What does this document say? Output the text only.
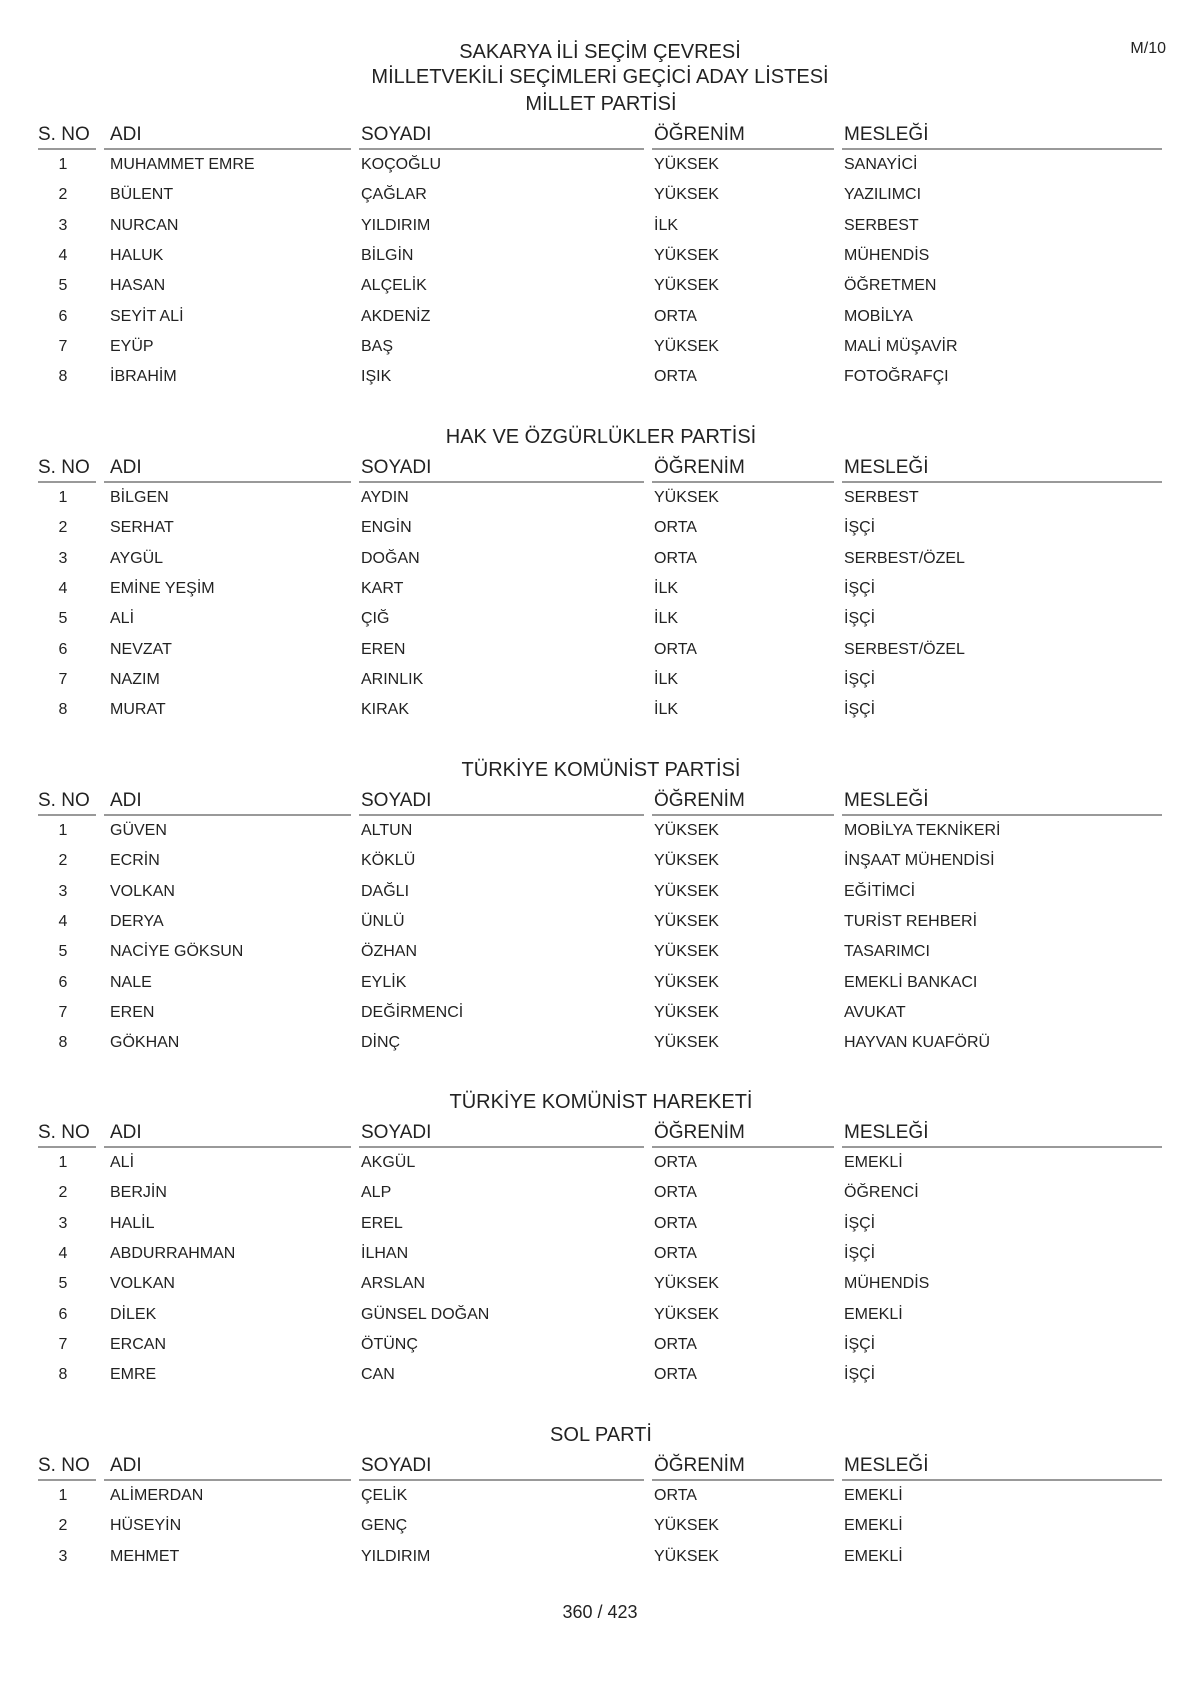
M/10
SAKARYA İLİ SEÇİM ÇEVRESİ
MİLLETVEKİLİ SEÇİMLERİ GEÇİCİ ADAY LİSTESİ
MİLLET PARTİSİ
S. NO	ADI	SOYADI	ÖĞRENİM	MESLEĞİ
1	MUHAMMET EMRE	KOÇOĞLU	YÜKSEK	SANAYİCİ
2	BÜLENT	ÇAĞLAR	YÜKSEK	YAZILIMCI
3	NURCAN	YILDIRIM	İLK	SERBEST
4	HALUK	BİLGİN	YÜKSEK	MÜHENDİS
5	HASAN	ALÇELİK	YÜKSEK	ÖĞRETMEN
6	SEYİT ALİ	AKDENİZ	ORTA	MOBİLYA
7	EYÜP	BAŞ	YÜKSEK	MALİ MÜŞAVİR
8	İBRAHİM	IŞIK	ORTA	FOTOĞRAFÇI
HAK VE ÖZGÜRLÜKLER PARTİSİ
S. NO	ADI	SOYADI	ÖĞRENİM	MESLEĞİ
1	BİLGEN	AYDIN	YÜKSEK	SERBEST
2	SERHAT	ENGİN	ORTA	İŞÇİ
3	AYGÜL	DOĞAN	ORTA	SERBEST/ÖZEL
4	EMİNE YEŞİM	KART	İLK	İŞÇİ
5	ALİ	ÇIĞ	İLK	İŞÇİ
6	NEVZAT	EREN	ORTA	SERBEST/ÖZEL
7	NAZIM	ARINLIK	İLK	İŞÇİ
8	MURAT	KIRAK	İLK	İŞÇİ
TÜRKİYE KOMÜNİST PARTİSİ
S. NO	ADI	SOYADI	ÖĞRENİM	MESLEĞİ
1	GÜVEN	ALTUN	YÜKSEK	MOBİLYA TEKNİKERİ
2	ECRİN	KÖKLÜ	YÜKSEK	İNŞAAT MÜHENDİSİ
3	VOLKAN	DAĞLI	YÜKSEK	EĞİTİMCİ
4	DERYA	ÜNLÜ	YÜKSEK	TURİST REHBERİ
5	NACİYE GÖKSUN	ÖZHAN	YÜKSEK	TASARIMCI
6	NALE	EYLİK	YÜKSEK	EMEKLİ BANKACI
7	EREN	DEĞİRMENCİ	YÜKSEK	AVUKAT
8	GÖKHAN	DİNÇ	YÜKSEK	HAYVAN KUAFÖRÜ
TÜRKİYE KOMÜNİST HAREKETİ
S. NO	ADI	SOYADI	ÖĞRENİM	MESLEĞİ
1	ALİ	AKGÜL	ORTA	EMEKLİ
2	BERJİN	ALP	ORTA	ÖĞRENCİ
3	HALİL	EREL	ORTA	İŞÇİ
4	ABDURRAHMAN	İLHAN	ORTA	İŞÇİ
5	VOLKAN	ARSLAN	YÜKSEK	MÜHENDİS
6	DİLEK	GÜNSEL DOĞAN	YÜKSEK	EMEKLİ
7	ERCAN	ÖTÜNÇ	ORTA	İŞÇİ
8	EMRE	CAN	ORTA	İŞÇİ
SOL PARTİ
S. NO	ADI	SOYADI	ÖĞRENİM	MESLEĞİ
1	ALİMERDAN	ÇELİK	ORTA	EMEKLİ
2	HÜSEYİN	GENÇ	YÜKSEK	EMEKLİ
3	MEHMET	YILDIRIM	YÜKSEK	EMEKLİ
360 / 423
